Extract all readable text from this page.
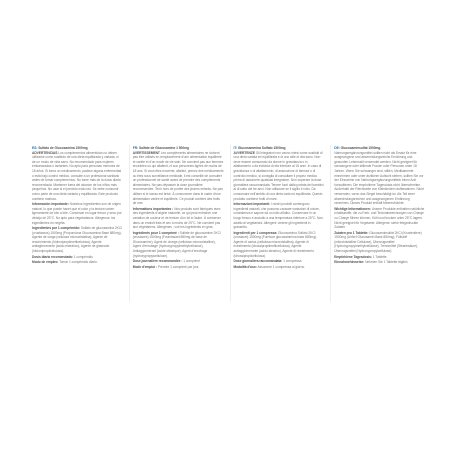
ES: Sulfato de Glucosamina 1500mg

ADVERTENCIAS Los complementos alimenticios no deben utilizarse como sustituto de una dieta equilibrada y variada, ni de un modo de vida sano. No recomendado para mujeres embarazadas o lactantes. No apto para personas menores de 18 años. Si toma un medicamento, padece alguna enfermedad o está bajo control médico, consulte a un profesional sanitario antes de tomar complementos. No tome más de la dosis diaria recomendada. Mantener fuera del alcance de los niños más pequeños. No usar si el precinto está roto. Se debe consumir como parte de una dieta variada y equilibrada. Este producto contiene marisco.

Información importante: Nuestros ingredientes son de origen natural, lo que puede hacer que el color y la textura varíen ligeramente de lote a lote. Conservar en lugar fresco y seco por debajo de 25°C. No apto para vegetarianos. Alérgenos: los ingredientes en negrita.

Ingredientes por 1 comprimido: Sulfato de glucosamina 2KCl (crustáceos) 1500mg (Proporciona Glucosamina Base 880mg), Agente de carga (celulosa microcristalina), Agente de recubrimiento (hidroxipropilmetilcelulosa), Agente antiaglomerante (ácido esteárico), Agente de glaseado (hidroxipropilcelulosa).

Dosis diaria recomendada: 1 comprimido

Modo de empleo: Tomar 1 comprimido diario.

FR: Sulfate de Glucosamine 1 500mg

AVERTISSEMENT Les compléments alimentaires ne doivent pas être utilisés en remplacement d'une alimentation équilibrée et variée et d'un mode de vie sain. Ne convient pas aux femmes enceintes ou qui allaitent, ni aux personnes âgées de moins de 18 ans. Si vous êtes enceinte, allaitez, prenez des médicaments ou êtes sous surveillance médicale, il est conseillé de consulter un professionnel de santé avant de prendre des compléments alimentaires. Ne pas dépasser la dose journalière recommandée. Tenir hors de portée des jeunes enfants. Ne pas utiliser si le sceau est brisé. À consommer dans le cadre d'une alimentation variée et équilibrée. Ce produit contient des fruits de mer.

Informations importantes : Nos produits sont fabriqués avec des ingrédients d'origine naturelle, ce qui peut entraîner une variation de couleur et de texture d'un lot à l'autre. À conserver dans un endroit frais et sec à moins de 25°C. Ne convient pas aux végétariens. Allergènes : voir les ingrédients en gras.

Ingrédients pour 1 comprimé : Sulfate de glucosamine 2KCl (crustacés) 1500mg (Fournissant 880mg de base de Glucosamine), Agent de charge (cellulose microcristalline), Agent d'enrobage (hydroxypropylméthylcellulose), Antiagglomérant (acide stéarique), Agent d'enrobage (hydroxypropylcellulose).

Dose journalière recommandée : 1 comprimé

Mode d'emploi : Prendre 1 comprimé par jour.

IT: Glucosammina Solfato 1500mg

AVVERTENZE Gli integratori non vanno intesi come sostituti di una dieta variata ed equilibrata e di uno stile di vita sano. Non deve essere consumato da donne in gravidanza o in allattamento o da individui di età inferiore ai 18 anni. In caso di gravidanza o di allattamento, di assunzione di farmaci o di controllo medico, si consiglia di consultare il proprio medico prima di assumere qualsiasi integratore. Non superare la dose giornaliera raccomandata. Tenere fuori dalla portata dei bambini al di sotto dei tre anni. Non utilizzare se il sigillo è rotto. Da consumare nell'ambito di una dieta varia ed equilibrata. Questo prodotto contiene frutti di mare.

Informazioni importanti: I nostri prodotti contengono ingredienti naturali, che possono causare variazioni di colore, consistenza e sapore da un lotto all'altro. Conservare in un luogo fresco e asciutto a una temperatura inferiore a 25°C. Non adatto ai vegetariani. Allergeni: vedere gli ingredienti in grassetto.

Ingredienti per 1 compressa: Glucosamina Solfato 2KCl (crostacei) 1500mg (Fornisce glucosammina base 880mg), Agente di carica (cellulosa microcristallina), Agente di rivestimento (idrossipropilmetilcellulosa), Agente antiagglomerante (acido stearico), Agente di rivestimento (idrossipropilcellulosa).

Dose giornaliera raccomandata: 1 compressa

Modalità d'uso: Assumere 1 compressa al giorno.

DE: Glucosaminsulfat 1500mg

Nahrungsergänzungsmittel sollten nicht als Ersatz für eine ausgewogene und abwechslungsreiche Ernährung und gesunden Lebensstil verwendet werden. Nicht geeignet für schwangere oder stillende Frauen oder Personen unter 18 Jahren. Wenn Sie schwanger sind, stillen, Medikamente einnehmen oder unter ärztlicher Aufsicht stehen, sollten Sie vor der Einnahme von Nahrungsergänzungsmitteln einen Arzt konsultieren. Die empfohlene Tagesdosis nicht überschreiten. Außerhalb der Reichweite von Kleinkindern aufbewahren. Nicht verwenden, wenn das Siegel beschädigt ist. Als Teil einer abwechslungsreichen und ausgewogenen Ernährung verzehren. Dieses Produkt enthält Meeresfrüchte.

Wichtige Informationen: Unsere Produkte enthalten natürliche Inhaltsstoffe, die zu Farb- und Texturabweichungen von Charge zu Charge führen können. Kühl und trocken unter 25°C lagern. Nicht geeignet für Vegetarier. Allergene: siehe fettgedruckte Zutaten.

Zutaten pro 1 Tablette: Glucosaminsulfat 2KCl (Krustentiere) 1500mg (Liefert Glucosamin Base 880mg), Füllstoff (mikrokristalline Cellulose), Überzugsmittel (Hydroxypropylmethylcellulose), Trennmittel (Stearinsäure), Überzugsmittel (Hydroxypropylcellulose).

Empfohlene Tagesdosis: 1 Tablette

Einnahmehinweise: Nehmen Sie 1 Tablette täglich.
